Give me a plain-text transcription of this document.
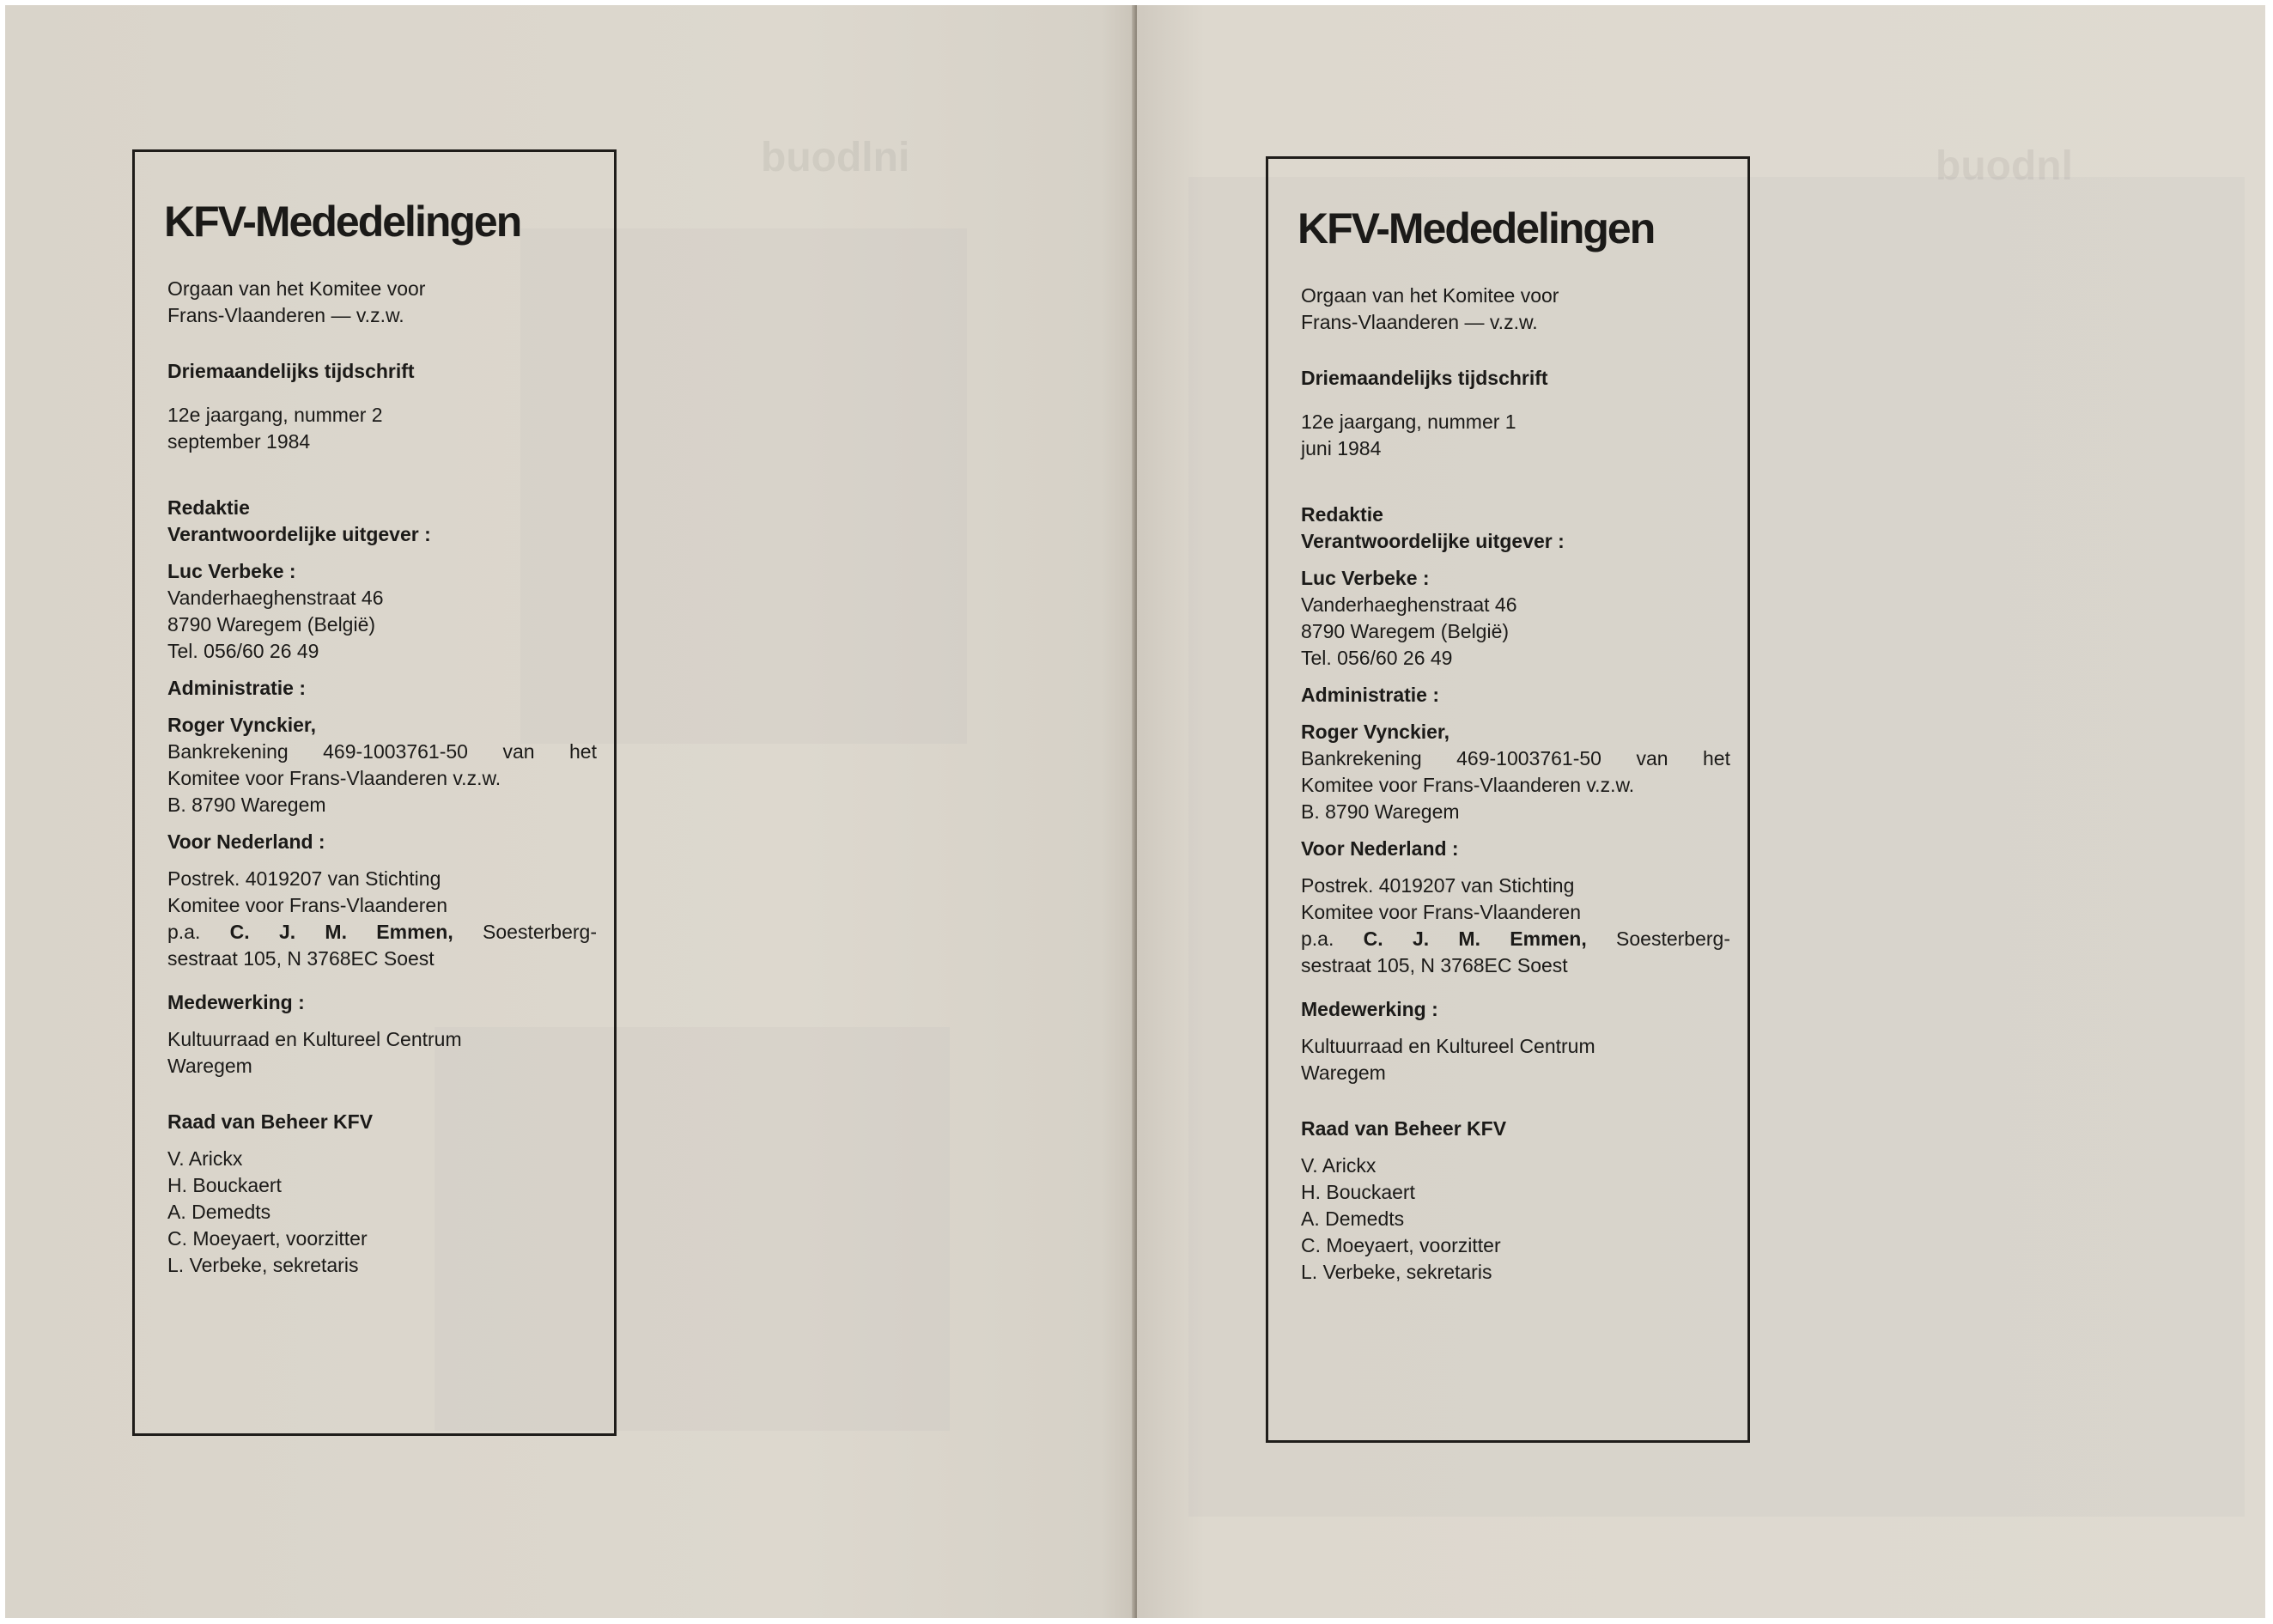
buodlni
KFV-Mededelingen

Orgaan van het Komitee voor

Frans-Vlaanderen — v.z.w.

Driemaandelijks tijdschrift

12e jaargang, nummer 2

september 1984

Redaktie

Verantwoordelijke uitgever :

Luc Verbeke :

Vanderhaeghenstraat 46

8790 Waregem (België)

Tel. 056/60 26 49

Administratie :

Roger Vynckier,

Bankrekening 469-1003761-50 van het

Komitee voor Frans-Vlaanderen v.z.w.

B. 8790 Waregem

Voor Nederland :

Postrek. 4019207 van Stichting

Komitee voor Frans-Vlaanderen

p.a. C. J. M. Emmen, Soesterberg-

sestraat 105, N 3768EC Soest

Medewerking :

Kultuurraad en Kultureel Centrum

Waregem

Raad van Beheer KFV

V. Arickx

H. Bouckaert

A. Demedts

C. Moeyaert, voorzitter

L. Verbeke, sekretaris

buodnl
KFV-Mededelingen

Orgaan van het Komitee voor

Frans-Vlaanderen — v.z.w.

Driemaandelijks tijdschrift

12e jaargang, nummer 1

juni 1984

Redaktie

Verantwoordelijke uitgever :

Luc Verbeke :

Vanderhaeghenstraat 46

8790 Waregem (België)

Tel. 056/60 26 49

Administratie :

Roger Vynckier,

Bankrekening 469-1003761-50 van het

Komitee voor Frans-Vlaanderen v.z.w.

B. 8790 Waregem

Voor Nederland :

Postrek. 4019207 van Stichting

Komitee voor Frans-Vlaanderen

p.a. C. J. M. Emmen, Soesterberg-

sestraat 105, N 3768EC Soest

Medewerking :

Kultuurraad en Kultureel Centrum

Waregem

Raad van Beheer KFV

V. Arickx

H. Bouckaert

A. Demedts

C. Moeyaert, voorzitter

L. Verbeke, sekretaris
